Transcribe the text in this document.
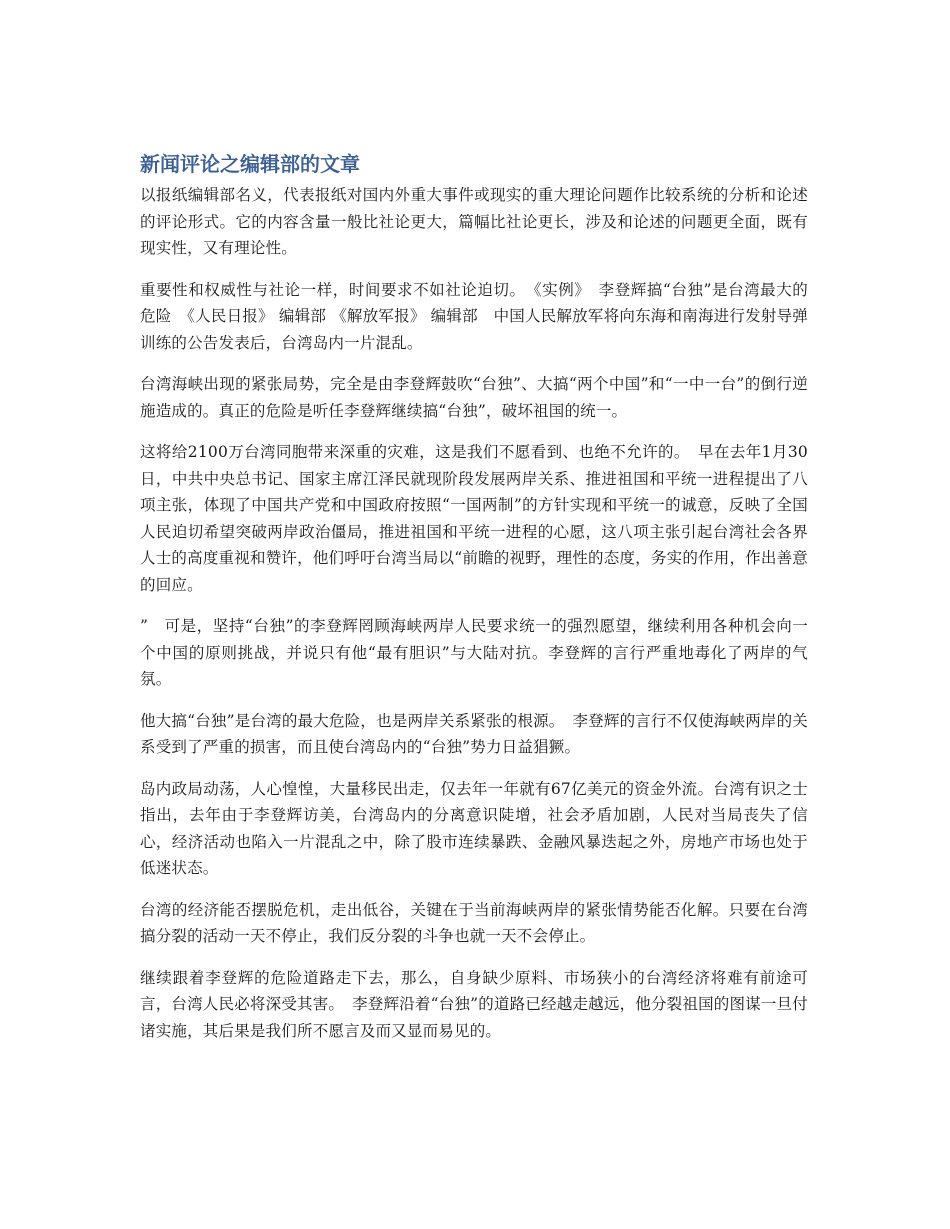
新闻评论之编辑部的文章

以报纸编辑部名义，代表报纸对国内外重大事件或现实的重大理论问题作比较系统的分析和论述的评论形式。它的内容含量一般比社论更大，篇幅比社论更长，涉及和论述的问题更全面，既有现实性，又有理论性。

重要性和权威性与社论一样，时间要求不如社论迫切。　《实例》　李登辉搞“台独”是台湾最大的危险　《人民日报》 编辑部 《解放军报》 编辑部　中国人民解放军将向东海和南海进行发射导弹训练的公告发表后，台湾岛内一片混乱。

台湾海峡出现的紧张局势，完全是由李登辉鼓吹“台独”、大搞“两个中国”和“一中一台”的倒行逆施造成的。真正的危险是听任李登辉继续搞“台独”，破坏祖国的统一。

这将给2100万台湾同胞带来深重的灾难，这是我们不愿看到、也绝不允许的。　早在去年1月30日，中共中央总书记、国家主席江泽民就现阶段发展两岸关系、推进祖国和平统一进程提出了八项主张，体现了中国共产党和中国政府按照“一国两制”的方针实现和平统一的诚意，反映了全国人民迫切希望突破两岸政治僵局，推进祖国和平统一进程的心愿，这八项主张引起台湾社会各界人士的高度重视和赞许，他们呼吁台湾当局以“前瞻的视野，理性的态度，务实的作用，作出善意的回应。

”　可是，坚持“台独”的李登辉罔顾海峡两岸人民要求统一的强烈愿望，继续利用各种机会向一个中国的原则挑战，并说只有他“最有胆识”与大陆对抗。李登辉的言行严重地毒化了两岸的气氛。

他大搞“台独”是台湾的最大危险，也是两岸关系紧张的根源。　李登辉的言行不仅使海峡两岸的关系受到了严重的损害，而且使台湾岛内的“台独”势力日益猖獗。

岛内政局动荡，人心惶惶，大量移民出走，仅去年一年就有67亿美元的资金外流。台湾有识之士指出，去年由于李登辉访美，台湾岛内的分离意识陡增，社会矛盾加剧，人民对当局丧失了信心，经济活动也陷入一片混乱之中，除了股市连续暴跌、金融风暴迭起之外，房地产市场也处于低迷状态。

台湾的经济能否摆脱危机，走出低谷，关键在于当前海峡两岸的紧张情势能否化解。只要在台湾搞分裂的活动一天不停止，我们反分裂的斗争也就一天不会停止。

继续跟着李登辉的危险道路走下去，那么，自身缺少原料、市场狭小的台湾经济将难有前途可言，台湾人民必将深受其害。　李登辉沿着“台独”的道路已经越走越远，他分裂祖国的图谋一旦付诸实施，其后果是我们所不愿言及而又显而易见的。
